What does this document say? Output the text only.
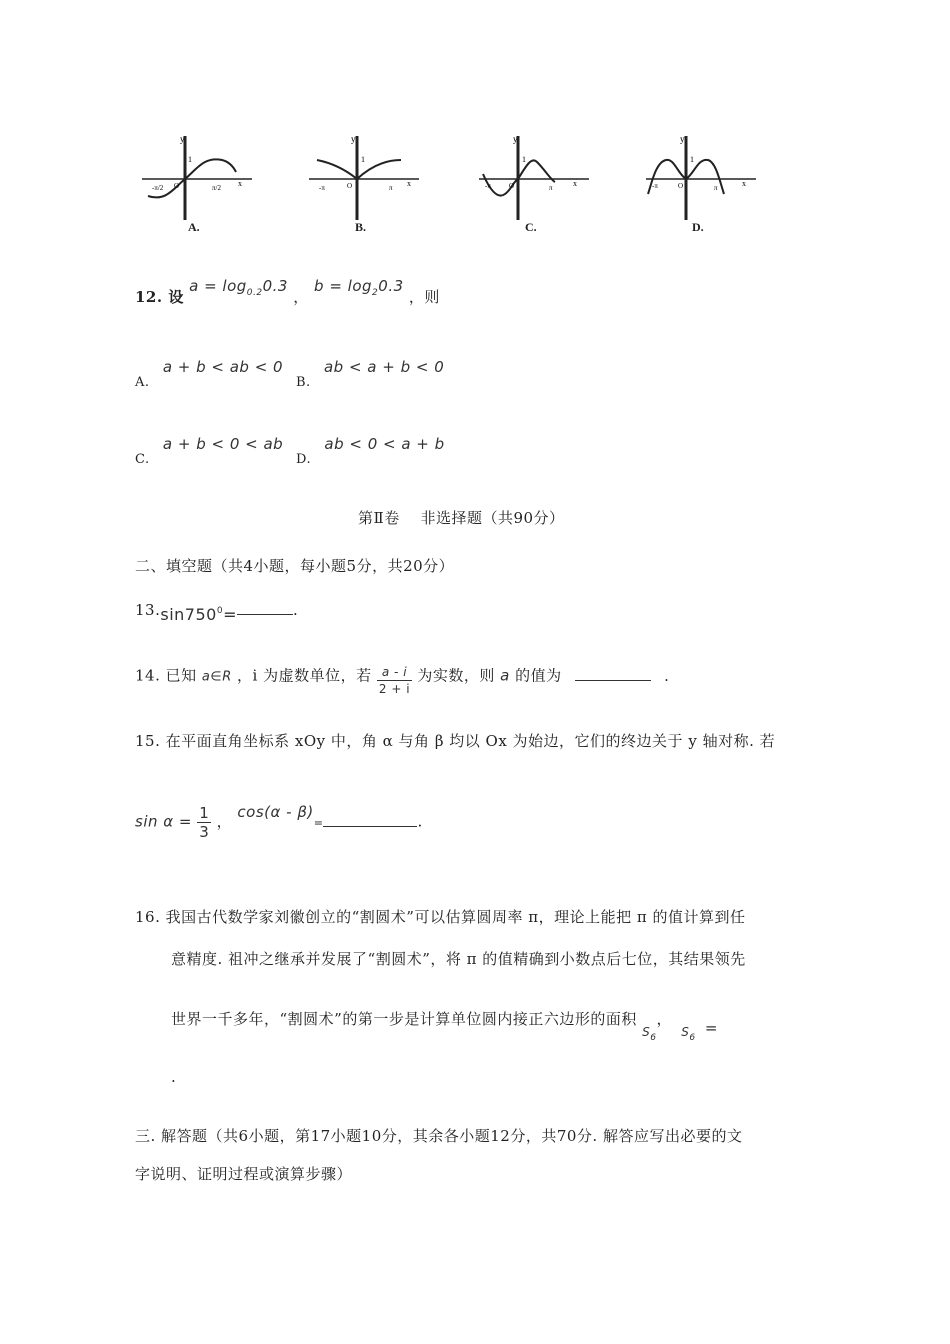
y
1
x
-π/2 O	π/2
A.
y
1
x
-π	O	π
B.
y
1
x
-π	O	π
C.
y
1
x
-π	O	π
D.
12. 设 $a = \log_{0.2}0.3$ ， $b = \log_20.3$ ，则
A. a + b < ab < 0
B. ab < a + b < 0
C. a + b < 0 < ab
D. ab < 0 < a + b
第Ⅱ卷　 非选择题（共90分）
二、填空题（共4小题，每小题5分，共20分）
$13.\sin 750^0=$	.
14. 已知 a∈R ，i 为虚数单位，若 $\frac{a - i}{2 + i}$ 为实数，则 a 的值为	.
15. 在平面直角坐标系 xOy 中，角 α 与角 β 均以 Ox 为始边，它们的终边关于 y 轴对称. 若
$\sin \alpha = \frac{1}{3}$ ， cos(α - β)=	.
16. 我国古代数学家刘徽创立的“割圆术”可以估算圆周率 π，理论上能把 π 的值计算到任
意精度. 祖冲之继承并发展了“割圆术”，将 π 的值精确到小数点后七位，其结果领先
世界一千多年，“割圆术”的第一步是计算单位圆内接正六边形的面积 $_{S_6}$， $_{S_6}$ =
.
三. 解答题（共6小题，第17小题10分，其余各小题12分，共70分. 解答应写出必要的文
字说明、证明过程或演算步骤）
